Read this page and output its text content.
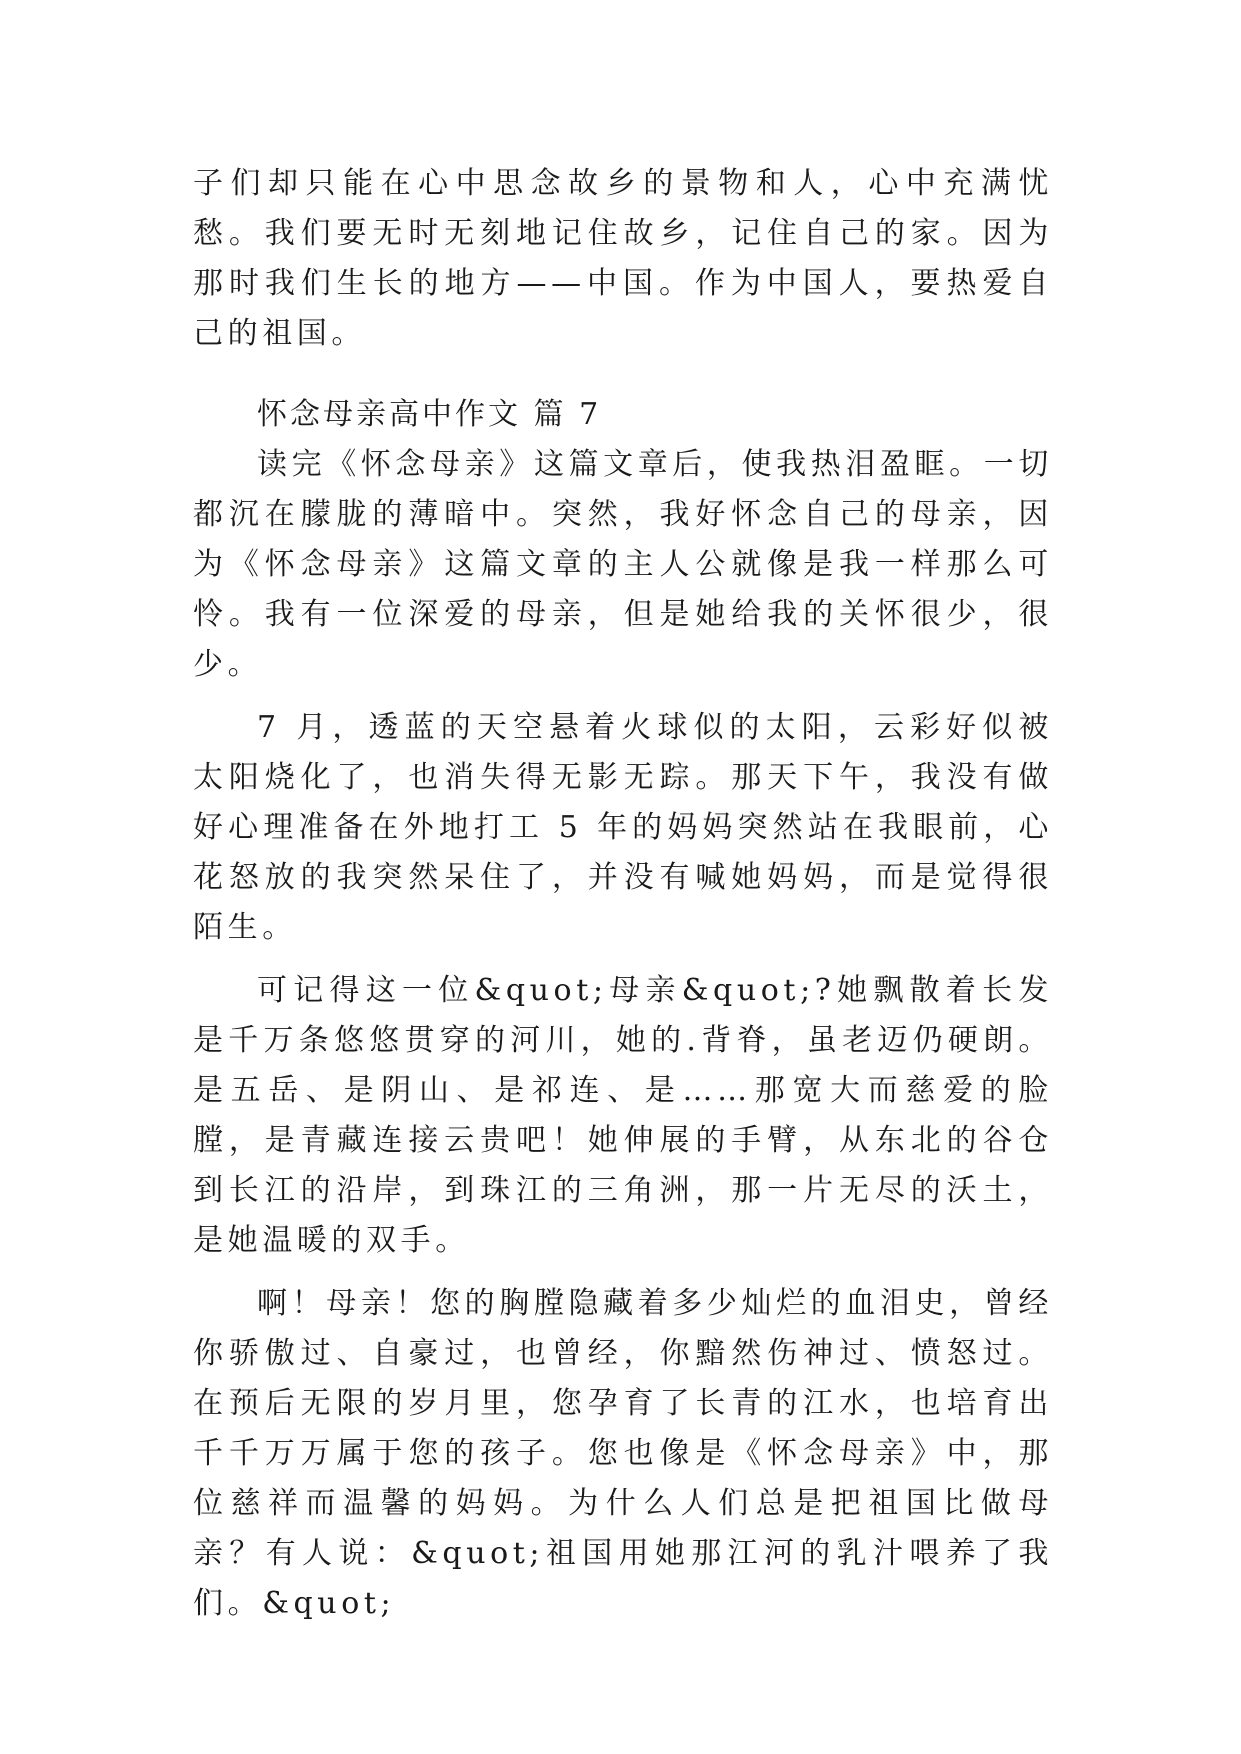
子们却只能在心中思念故乡的景物和人，心中充满忧愁。我们要无时无刻地记住故乡，记住自己的家。因为那时我们生长的地方——中国。作为中国人，要热爱自己的祖国。

怀念母亲高中作文 篇 7

读完《怀念母亲》这篇文章后，使我热泪盈眶。一切都沉在朦胧的薄暗中。突然，我好怀念自己的母亲，因为《怀念母亲》这篇文章的主人公就像是我一样那么可怜。我有一位深爱的母亲，但是她给我的关怀很少，很少。

7 月，透蓝的天空悬着火球似的太阳，云彩好似被太阳烧化了，也消失得无影无踪。那天下午，我没有做好心理准备在外地打工 5 年的妈妈突然站在我眼前，心花怒放的我突然呆住了，并没有喊她妈妈，而是觉得很陌生。

可记得这一位&quot;母亲&quot;?她飘散着长发是千万条悠悠贯穿的河川，她的.背脊，虽老迈仍硬朗。是五岳、是阴山、是祁连、是……那宽大而慈爱的脸膛，是青藏连接云贵吧！她伸展的手臂，从东北的谷仓到长江的沿岸，到珠江的三角洲，那一片无尽的沃土，是她温暖的双手。

啊！母亲！您的胸膛隐藏着多少灿烂的血泪史，曾经你骄傲过、自豪过，也曾经，你黯然伤神过、愤怒过。在预后无限的岁月里，您孕育了长青的江水，也培育出千千万万属于您的孩子。您也像是《怀念母亲》中，那位慈祥而温馨的妈妈。为什么人们总是把祖国比做母亲？有人说：&quot;祖国用她那江河的乳汁喂养了我们。&quot;
